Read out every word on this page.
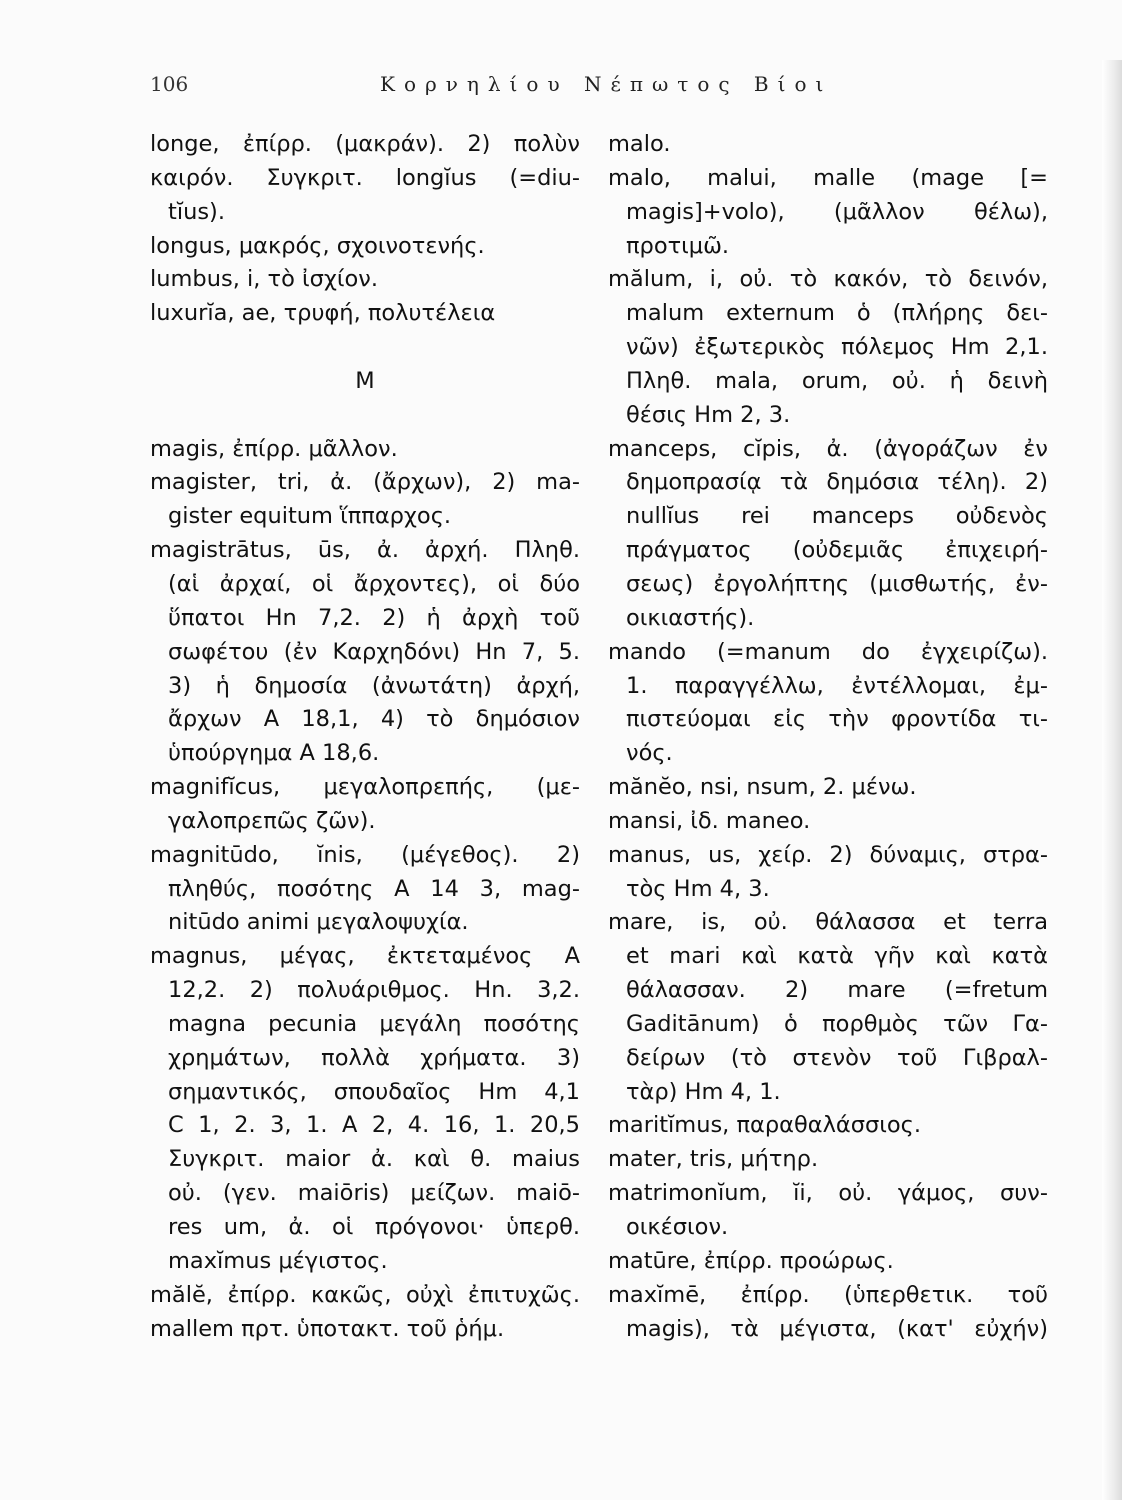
106	Κορνηλίου Νέπωτος Βίοι
longe, ἐπίρρ. (μακράν). 2) πολὺν
καιρόν. Συγκριτ. longĭus (=diu-
tĭus).
longus, μακρός, σχοινοτενής.
lumbus, i, τὸ ἰσχίον.
luxurĭa, ae, τρυφή, πολυτέλεια
M
magis, ἐπίρρ. μᾶλλον.
magister, tri, ἀ. (ἄρχων), 2) ma-
gister equitum ἵππαρχος.
magistrātus, ūs, ἀ. ἀρχή. Πληθ.
(αἱ ἀρχαί, οἱ ἄρχοντες), οἱ δύο
ὕπατοι Hn 7,2. 2) ἡ ἀρχὴ τοῦ
σωφέτου (ἐν Καρχηδόνι) Hn 7, 5.
3) ἡ δημοσία (ἀνωτάτη) ἀρχή,
ἄρχων A 18,1, 4) τὸ δημόσιον
ὑπούργημα A 18,6.
magnifĭcus, μεγαλοπρεπής, (με-
γαλοπρεπῶς ζῶν).
magnitūdo, ĭnis, (μέγεθος). 2)
πληθύς, ποσότης A 14 3, mag-
nitūdo animi μεγαλοψυχία.
magnus, μέγας, ἐκτεταμένος A
12,2. 2) πολυάριθμος. Hn. 3,2.
magna pecunia μεγάλη ποσότης
χρημάτων, πολλὰ χρήματα. 3)
σημαντικός, σπουδαῖος Hm 4,1
C 1, 2. 3, 1. A 2, 4. 16, 1. 20,5
Συγκριτ. maior ἀ. καὶ θ. maius
οὐ. (γεν. maiōris) μείζων. maiō-
res um, ἀ. οἱ πρόγονοι· ὑπερθ.
maxĭmus μέγιστος.
mălĕ, ἐπίρρ. κακῶς, οὐχὶ ἐπιτυχῶς.
mallem πρτ. ὑποτακτ. τοῦ ῥήμ.
malo.
malo, malui, malle (mage [=
magis]+volo), (μᾶλλον θέλω),
προτιμῶ.
mălum, i, οὐ. τὸ κακόν, τὸ δεινόν,
malum externum ὁ (πλήρης δει-
νῶν) ἐξωτερικὸς πόλεμος Hm 2,1.
Πληθ. mala, orum, οὐ. ἡ δεινὴ
θέσις Hm 2, 3.
manceps, cĭpis, ἀ. (ἀγοράζων ἐν
δημοπρασίᾳ τὰ δημόσια τέλη). 2)
nullĭus rei manceps οὐδενὸς
πράγματος (οὐδεμιᾶς ἐπιχειρή-
σεως) ἐργολήπτης (μισθωτής, ἐν-
οικιαστής).
mando (=manum do ἐγχειρίζω).
1. παραγγέλλω, ἐντέλλομαι, ἐμ-
πιστεύομαι εἰς τὴν φροντίδα τι-
νός.
mănĕo, nsi, nsum, 2. μένω.
mansi, ἰδ. maneo.
manus, us, χείρ. 2) δύναμις, στρα-
τὸς Hm 4, 3.
mare, is, οὐ. θάλασσα et terra
et mari καὶ κατὰ γῆν καὶ κατὰ
θάλασσαν. 2) mare (=fretum
Gaditānum) ὁ πορθμὸς τῶν Γα-
δείρων (τὸ στενὸν τοῦ Γιβραλ-
τὰρ) Hm 4, 1.
maritĭmus, παραθαλάσσιος.
mater, tris, μήτηρ.
matrimonĭum, ĭi, οὐ. γάμος, συν-
οικέσιον.
matūre, ἐπίρρ. προώρως.
maxĭmē, ἐπίρρ. (ὑπερθετικ. τοῦ
magis), τὰ μέγιστα, (κατ' εὐχήν)
